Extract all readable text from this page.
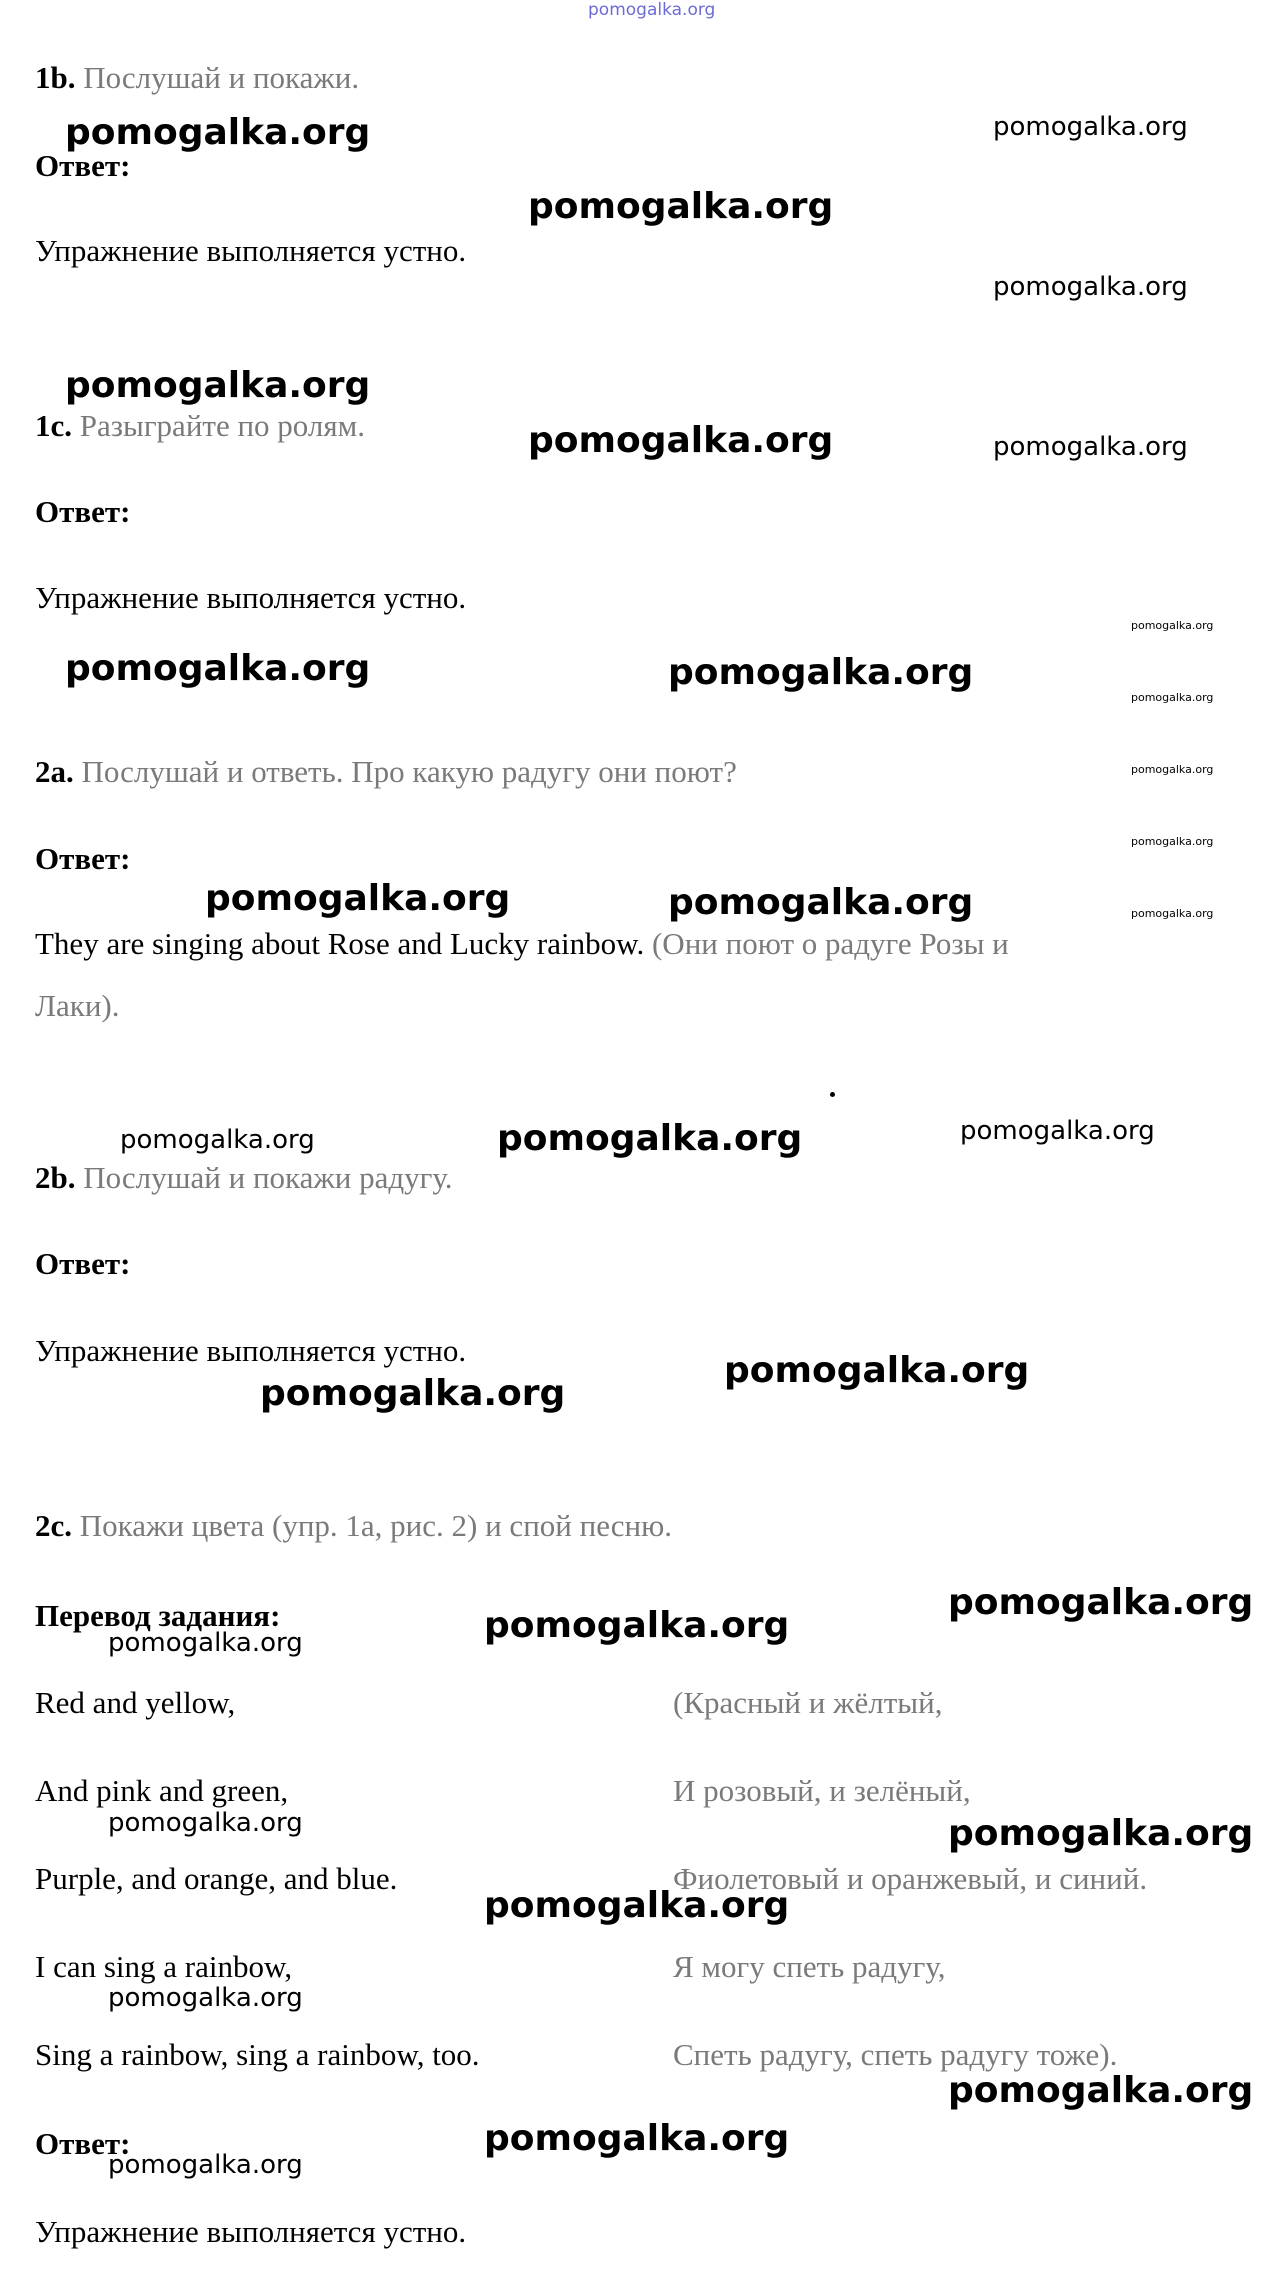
pomogalka.org
1b. Послушай и покажи.
Ответ:
Упражнение выполняется устно.
1c. Разыграйте по ролям.
Ответ:
Упражнение выполняется устно.
2a. Послушай и ответь. Про какую радугу они поют?
Ответ:
They are singing about Rose and Lucky rainbow. (Они поют о радуге Розы и
Лаки).
2b. Послушай и покажи радугу.
Ответ:
Упражнение выполняется устно.
2c. Покажи цвета (упр. 1a, рис. 2) и спой песню.
Перевод задания:
Red and yellow,	(Красный и жёлтый,
And pink and green,	И розовый, и зелёный,
Purple, and orange, and blue.	Фиолетовый и оранжевый, и синий.
I can sing a rainbow,	Я могу спеть радугу,
Sing a rainbow, sing a rainbow, too.	Спеть радугу, спеть радугу тоже).
Ответ:
Упражнение выполняется устно.
pomogalka.org	pomogalka.org
pomogalka.org
pomogalka.org
pomogalka.org
pomogalka.org	pomogalka.org
pomogalka.org
pomogalka.org	pomogalka.org
pomogalka.org
pomogalka.org
pomogalka.org
pomogalka.org	pomogalka.org	pomogalka.org
pomogalka.org	pomogalka.org	pomogalka.org
pomogalka.org
pomogalka.org
pomogalka.org
pomogalka.org
pomogalka.org
pomogalka.org	pomogalka.org
pomogalka.org
pomogalka.org
pomogalka.org
pomogalka.org
pomogalka.org
